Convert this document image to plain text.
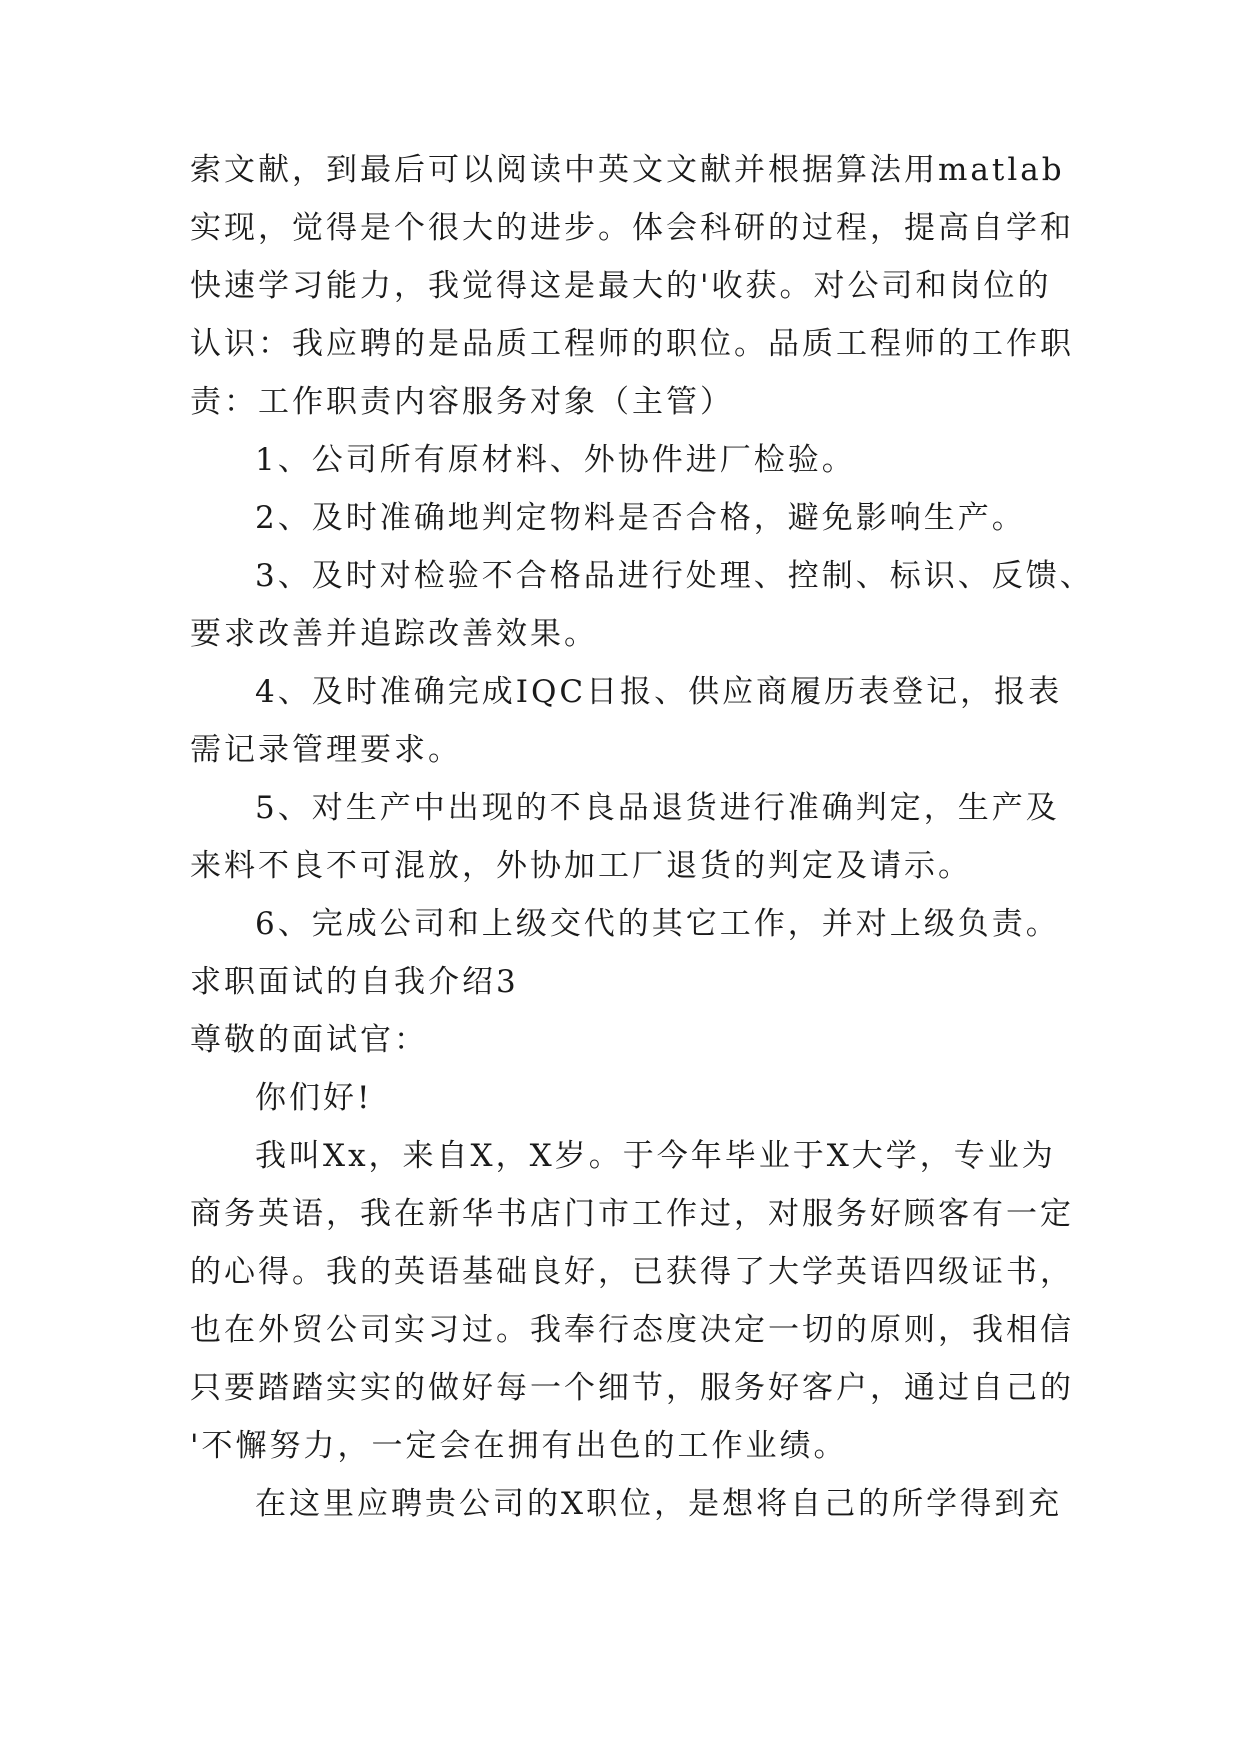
索文献，到最后可以阅读中英文文献并根据算法用matlab
实现，觉得是个很大的进步。体会科研的过程，提高自学和
快速学习能力，我觉得这是最大的'收获。对公司和岗位的
认识：我应聘的是品质工程师的职位。品质工程师的工作职
责：工作职责内容服务对象（主管）
1、公司所有原材料、外协件进厂检验。
2、及时准确地判定物料是否合格，避免影响生产。
3、及时对检验不合格品进行处理、控制、标识、反馈、
要求改善并追踪改善效果。
4、及时准确完成IQC日报、供应商履历表登记，报表
需记录管理要求。
5、对生产中出现的不良品退货进行准确判定，生产及
来料不良不可混放，外协加工厂退货的判定及请示。
6、完成公司和上级交代的其它工作，并对上级负责。
求职面试的自我介绍3
尊敬的面试官：
你们好!
我叫Xx，来自X，X岁。于今年毕业于X大学，专业为
商务英语，我在新华书店门市工作过，对服务好顾客有一定
的心得。我的英语基础良好，已获得了大学英语四级证书，
也在外贸公司实习过。我奉行态度决定一切的原则，我相信
只要踏踏实实的做好每一个细节，服务好客户，通过自己的
'不懈努力，一定会在拥有出色的工作业绩。
在这里应聘贵公司的X职位，是想将自己的所学得到充
